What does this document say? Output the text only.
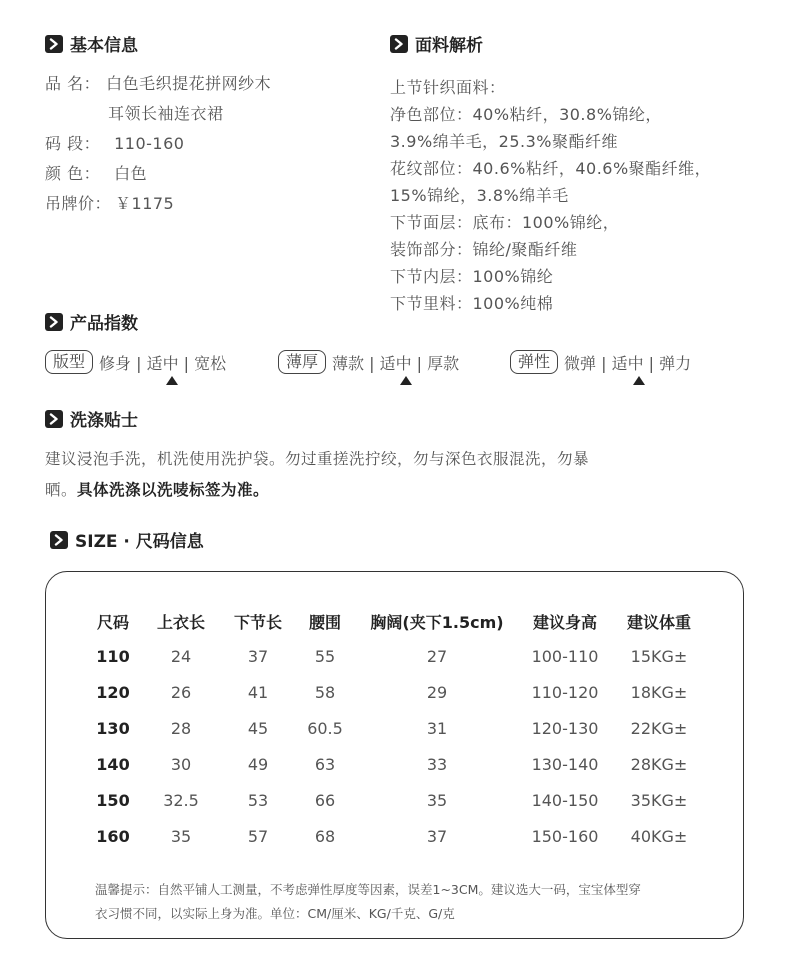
基本信息
品 名： 白色毛织提花拼网纱木
耳领长袖连衣裙
码 段： 110-160
颜 色： 白色
吊牌价： ￥1175
面料解析
上节针织面料：
净色部位：40%粘纤，30.8%锦纶，
3.9%绵羊毛，25.3%聚酯纤维
花纹部位：40.6%粘纤，40.6%聚酯纤维，
15%锦纶，3.8%绵羊毛
下节面层：底布：100%锦纶，
装饰部分：锦纶/聚酯纤维
下节内层：100%锦纶
下节里料：100%纯棉
产品指数
版型 修身 | 适中 | 宽松	薄厚 薄款 | 适中 | 厚款	弹性 微弹 | 适中 | 弹力
洗涤贴士
建议浸泡手洗，机洗使用洗护袋。勿过重搓洗拧绞，勿与深色衣服混洗，勿暴
晒。具体洗涤以洗唛标签为准。
SIZE · 尺码信息
尺码 上衣长 下节长 腰围 胸阔(夹下1.5cm) 建议身高 建议体重
110	24	37	55	27	100-110 15KG±
120	26	41	58	29	110-120 18KG±
130	28	45 60.5	31	120-130 22KG±
140	30	49	63	33	130-140 28KG±
150 32.5	53	66	35	140-150 35KG±
160	35	57	68	37	150-160 40KG±
温馨提示：自然平铺人工测量，不考虑弹性厚度等因素，误差1~3CM。建议选大一码，宝宝体型穿
衣习惯不同，以实际上身为准。单位：CM/厘米、KG/千克、G/克
